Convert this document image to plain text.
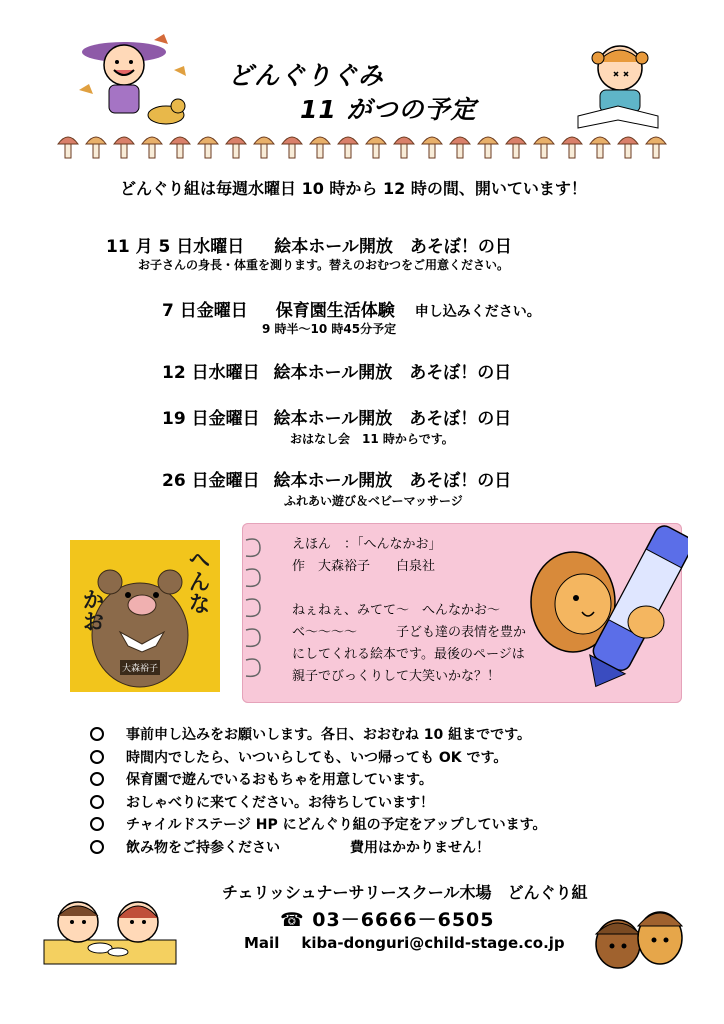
どんぐりぐみ
11 がつの予定
どんぐり組は毎週水曜日 10 時から 12 時の間、開いています！
11 月 5 日水曜日 絵本ホール開放　あそぼ！の日
お子さんの身長・体重を測ります。替えのおむつをご用意ください。
7 日金曜日 保育園生活体験 申し込みください。
9 時半～10 時45分予定
12 日水曜日 絵本ホール開放　あそぼ！の日
19 日金曜日 絵本ホール開放　あそぼ！の日
おはなし会　11 時からです。
26 日金曜日 絵本ホール開放　あそぼ！の日
ふれあい遊び＆ベビーマッサージ
へんな
かお
大森裕子
えほん　：「へんなかお」
作　大森裕子　　白泉社
ねぇねぇ、みてて～　へんなかお～
ベ～～～～　　　子ども達の表情を豊か
にしてくれる絵本です。最後のページは
親子でびっくりして大笑いかな？！
事前申し込みをお願いします。各日、おおむね 10 組までです。
時間内でしたら、いついらしても、いつ帰っても OK です。
保育園で遊んでいるおもちゃを用意しています。
おしゃべりに来てください。お待ちしています！
チャイルドステージ HP にどんぐり組の予定をアップしています。
飲み物をご持参ください　　　　　費用はかかりません！
チェリッシュナーサリースクール木場　どんぐり組
☎ 03－6666－6505
Mail kiba-donguri@child-stage.co.jp
